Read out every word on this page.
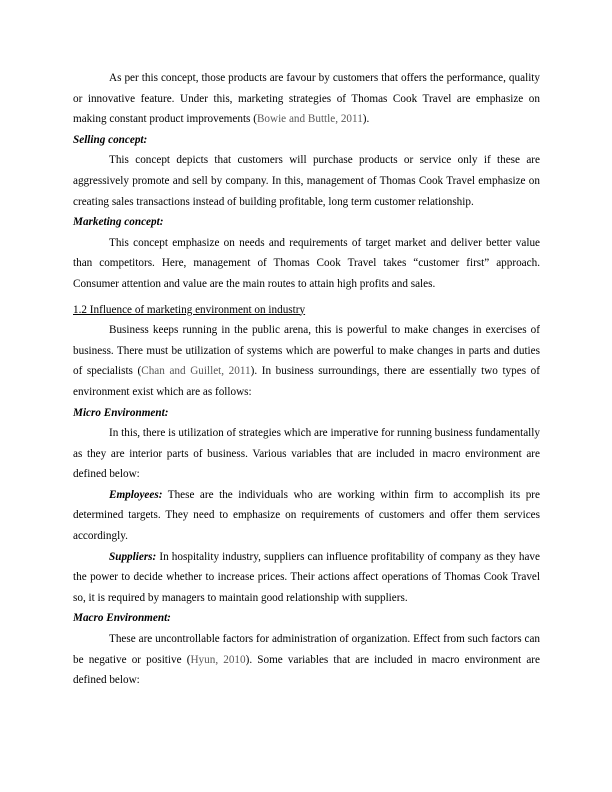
As per this concept, those products are favour by customers that offers the performance, quality or innovative feature. Under this, marketing strategies of Thomas Cook Travel are emphasize on making constant product improvements (Bowie and Buttle, 2011).

Selling concept:

This concept depicts that customers will purchase products or service only if these are aggressively promote and sell by company. In this, management of Thomas Cook Travel emphasize on creating sales transactions instead of building profitable, long term customer relationship.

Marketing concept:

This concept emphasize on needs and requirements of target market and deliver better value than competitors. Here, management of Thomas Cook Travel takes “customer first” approach. Consumer attention and value are the main routes to attain high profits and sales.

1.2 Influence of marketing environment on industry

Business keeps running in the public arena, this is powerful to make changes in exercises of business. There must be utilization of systems which are powerful to make changes in parts and duties of specialists (Chan and Guillet, 2011). In business surroundings, there are essentially two types of environment exist which are as follows:

Micro Environment:

In this, there is utilization of strategies which are imperative for running business fundamentally as they are interior parts of business. Various variables that are included in macro environment are defined below:

Employees: These are the individuals who are working within firm to accomplish its pre determined targets. They need to emphasize on requirements of customers and offer them services accordingly.

Suppliers: In hospitality industry, suppliers can influence profitability of company as they have the power to decide whether to increase prices. Their actions affect operations of Thomas Cook Travel so, it is required by managers to maintain good relationship with suppliers.

Macro Environment:

These are uncontrollable factors for administration of organization. Effect from such factors can be negative or positive (Hyun, 2010). Some variables that are included in macro environment are defined below:
